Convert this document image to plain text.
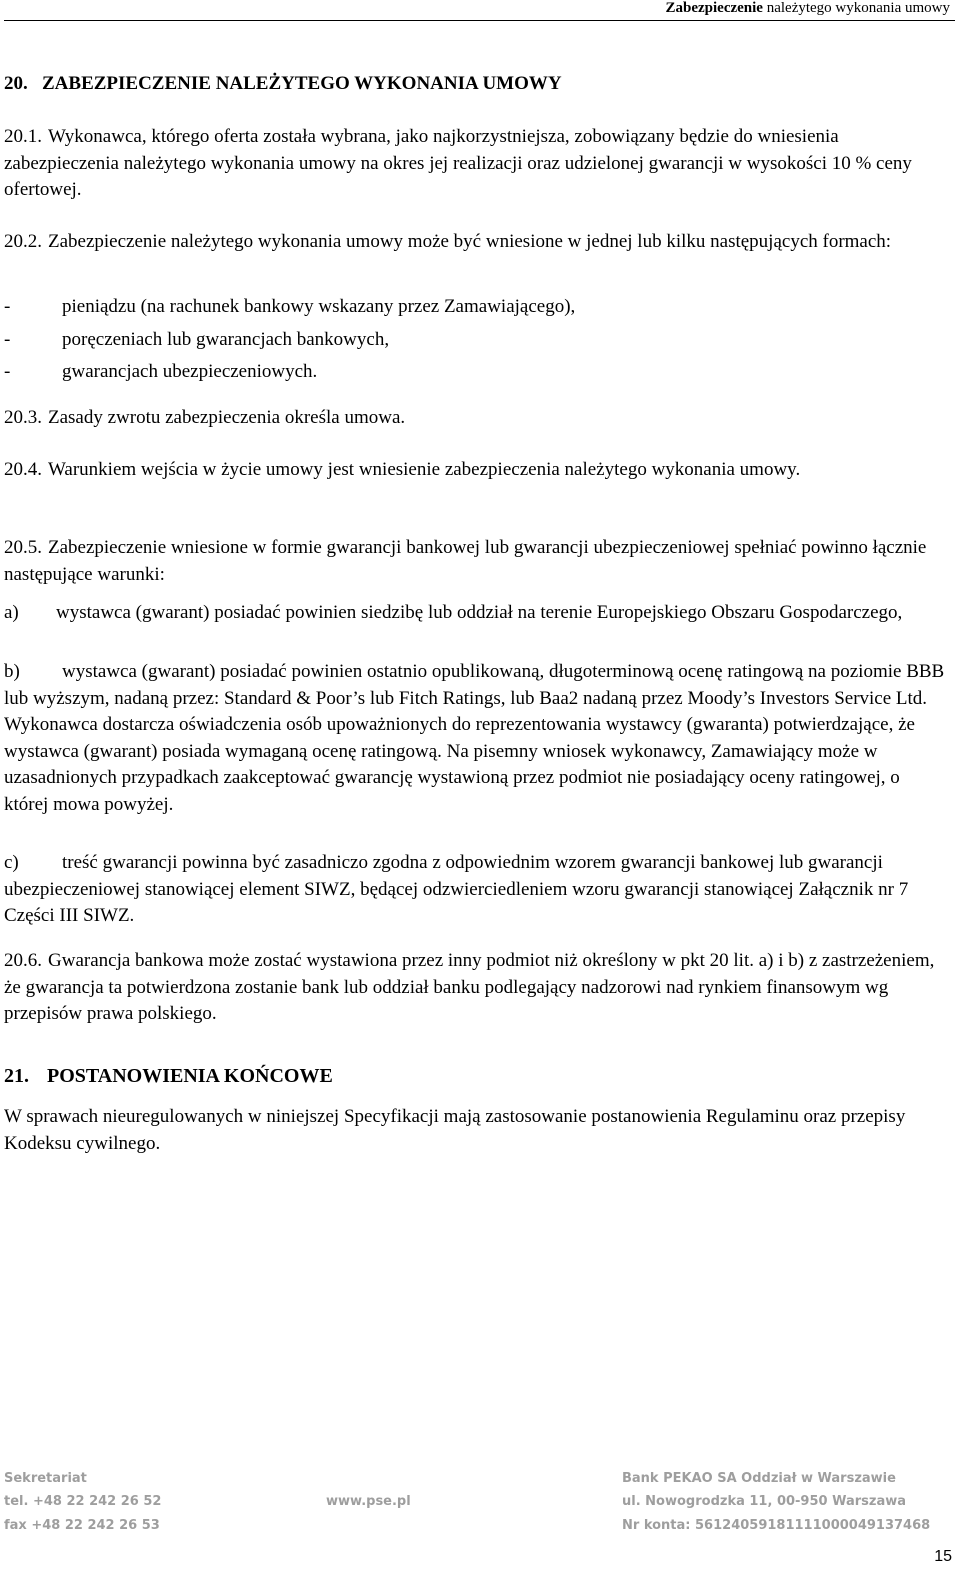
Zabezpieczenie należytego wykonania umowy
20. ZABEZPIECZENIE NALEŻYTEGO WYKONANIA UMOWY
20.1. Wykonawca, którego oferta została wybrana, jako najkorzystniejsza, zobowiązany będzie do wniesienia zabezpieczenia należytego wykonania umowy na okres jej realizacji oraz udzielonej gwarancji w wysokości 10 % ceny ofertowej.
20.2. Zabezpieczenie należytego wykonania umowy może być wniesione w jednej lub kilku następujących formach:
-	pieniądzu (na rachunek bankowy wskazany przez Zamawiającego),
-	poręczeniach lub gwarancjach bankowych,
-	gwarancjach ubezpieczeniowych.
20.3. Zasady zwrotu zabezpieczenia określa umowa.
20.4. Warunkiem wejścia w życie umowy jest wniesienie zabezpieczenia należytego wykonania umowy.
20.5. Zabezpieczenie wniesione w formie gwarancji bankowej lub gwarancji ubezpieczeniowej spełniać powinno łącznie następujące warunki:
a) wystawca (gwarant) posiadać powinien siedzibę lub oddział na terenie Europejskiego Obszaru Gospodarczego,
b) wystawca (gwarant) posiadać powinien ostatnio opublikowaną, długoterminową ocenę ratingową na poziomie BBB lub wyższym, nadaną przez: Standard & Poor’s lub Fitch Ratings, lub Baa2 nadaną przez Moody’s Investors Service Ltd. Wykonawca dostarcza oświadczenia osób upoważnionych do reprezentowania wystawcy (gwaranta) potwierdzające, że wystawca (gwarant) posiada wymaganą ocenę ratingową. Na pisemny wniosek wykonawcy, Zamawiający może w uzasadnionych przypadkach zaakceptować gwarancję wystawioną przez podmiot nie posiadający oceny ratingowej, o której mowa powyżej.
c) treść gwarancji powinna być zasadniczo zgodna z odpowiednim wzorem gwarancji bankowej lub gwarancji ubezpieczeniowej stanowiącej element SIWZ, będącej odzwierciedleniem wzoru gwarancji stanowiącej Załącznik nr 7 Części III SIWZ.
20.6. Gwarancja bankowa może zostać wystawiona przez inny podmiot niż określony w pkt 20 lit. a) i b) z zastrzeżeniem, że gwarancja ta potwierdzona zostanie bank lub oddział banku podlegający nadzorowi nad rynkiem finansowym wg przepisów prawa polskiego.
21. POSTANOWIENIA KOŃCOWE
W sprawach nieuregulowanych w niniejszej Specyfikacji mają zastosowanie postanowienia Regulaminu oraz przepisy Kodeksu cywilnego.
Sekretariat
tel. +48 22 242 26 52
fax +48 22 242 26 53
www.pse.pl
Bank PEKAO SA Oddział w Warszawie
ul. Nowogrodzka 11, 00-950 Warszawa
Nr konta: 56124059181111000049137468
15
